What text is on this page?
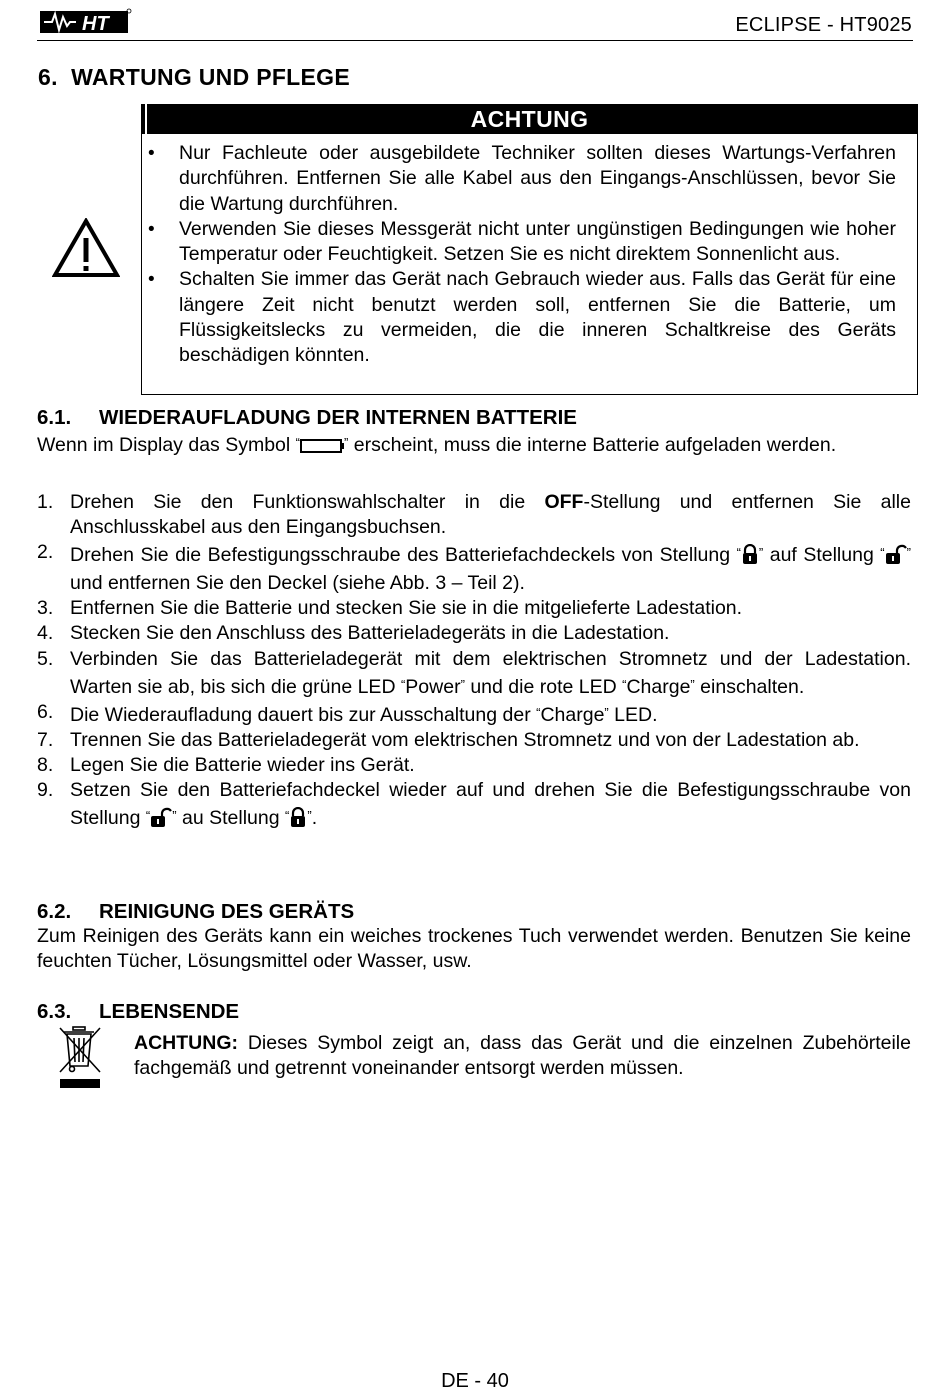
HT	ECLIPSE - HT9025
6.  WARTUNG UND PFLEGE
ACHTUNG
• Nur Fachleute oder ausgebildete Techniker sollten dieses Wartungs-Verfahren durchführen. Entfernen Sie alle Kabel aus den Eingangs-Anschlüssen, bevor Sie die Wartung durchführen.
• Verwenden Sie dieses Messgerät nicht unter ungünstigen Bedingungen wie hoher Temperatur oder Feuchtigkeit. Setzen Sie es nicht direktem Sonnenlicht aus.
• Schalten Sie immer das Gerät nach Gebrauch wieder aus. Falls das Gerät für eine längere Zeit nicht benutzt werden soll, entfernen Sie die Batterie, um Flüssigkeitslecks zu vermeiden, die die inneren Schaltkreise des Geräts beschädigen könnten.
6.1. WIEDERAUFLADUNG DER INTERNEN BATTERIE
Wenn im Display das Symbol “	” erscheint, muss die interne Batterie aufgeladen werden.
1. Drehen Sie den Funktionswahlschalter in die OFF-Stellung und entfernen Sie alle Anschlusskabel aus den Eingangsbuchsen.
2. Drehen Sie die Befestigungsschraube des Batteriefachdeckels von Stellung “ ” auf Stellung “ ” und entfernen Sie den Deckel (siehe Abb. 3 – Teil 2).
3. Entfernen Sie die Batterie und stecken Sie sie in die mitgelieferte Ladestation.
4. Stecken Sie den Anschluss des Batterieladegeräts in die Ladestation.
5. Verbinden Sie das Batterieladegerät mit dem elektrischen Stromnetz und der Ladestation. Warten sie ab, bis sich die grüne LED “Power” und die rote LED “Charge” einschalten.
6. Die Wiederaufladung dauert bis zur Ausschaltung der “Charge” LED.
7. Trennen Sie das Batterieladegerät vom elektrischen Stromnetz und von der Ladestation ab.
8. Legen Sie die Batterie wieder ins Gerät.
9. Setzen Sie den Batteriefachdeckel wieder auf und drehen Sie die Befestigungsschraube von Stellung “ ” au Stellung “ ”.
6.2. REINIGUNG DES GERÄTS
Zum Reinigen des Geräts kann ein weiches trockenes Tuch verwendet werden. Benutzen Sie keine feuchten Tücher, Lösungsmittel oder Wasser, usw.
6.3. LEBENSENDE
ACHTUNG: Dieses Symbol zeigt an, dass das Gerät und die einzelnen Zubehörteile fachgemäß und getrennt voneinander entsorgt werden müssen.
DE - 40
